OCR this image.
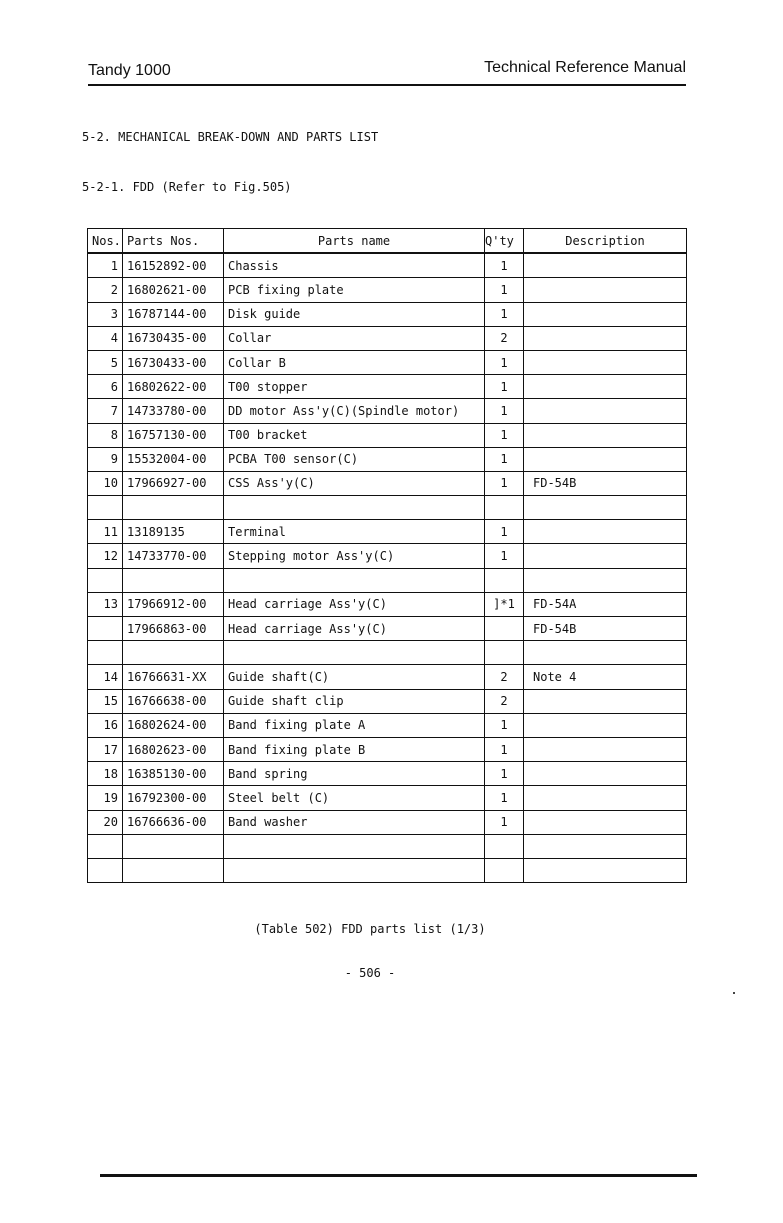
Tandy 1000	Technical Reference Manual
5-2. MECHANICAL BREAK-DOWN AND PARTS LIST
5-2-1. FDD (Refer to Fig.505)
Nos.	Parts Nos.	Parts name	Q'ty	Description
1	16152892-00	Chassis	1	
2	16802621-00	PCB fixing plate	1	
3	16787144-00	Disk guide	1	
4	16730435-00	Collar	2	
5	16730433-00	Collar B	1	
6	16802622-00	T00 stopper	1	
7	14733780-00	DD motor Ass'y(C)(Spindle motor)	1	
8	16757130-00	T00 bracket	1	
9	15532004-00	PCBA T00 sensor(C)	1	
10	17966927-00	CSS Ass'y(C)	1	FD-54B

11	13189135	Terminal	1	
12	14733770-00	Stepping motor Ass'y(C)	1	

13	17966912-00	Head carriage Ass'y(C)	]*1	FD-54A
	17966863-00	Head carriage Ass'y(C)		FD-54B

14	16766631-XX	Guide shaft(C)	2	Note 4
15	16766638-00	Guide shaft clip	2	
16	16802624-00	Band fixing plate A	1	
17	16802623-00	Band fixing plate B	1	
18	16385130-00	Band spring	1	
19	16792300-00	Steel belt (C)	1	
20	16766636-00	Band washer	1	

(Table 502) FDD parts list (1/3)
- 506 -
